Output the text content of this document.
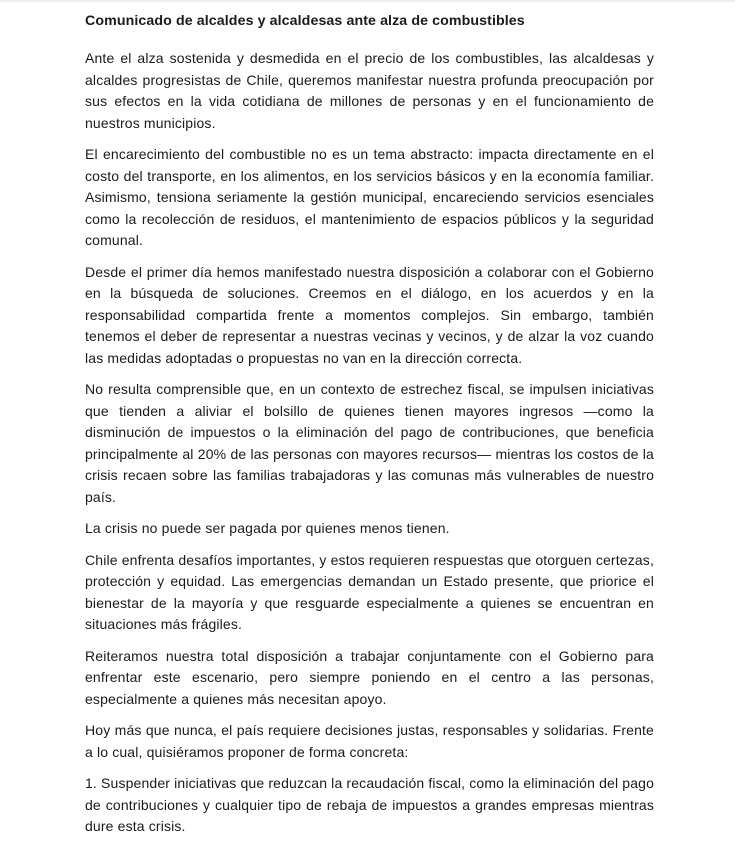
Comunicado de alcaldes y alcaldesas ante alza de combustibles

Ante el alza sostenida y desmedida en el precio de los combustibles, las alcaldesas y alcaldes progresistas de Chile, queremos manifestar nuestra profunda preocupación por sus efectos en la vida cotidiana de millones de personas y en el funcionamiento de nuestros municipios.

El encarecimiento del combustible no es un tema abstracto: impacta directamente en el costo del transporte, en los alimentos, en los servicios básicos y en la economía familiar. Asimismo, tensiona seriamente la gestión municipal, encareciendo servicios esenciales como la recolección de residuos, el mantenimiento de espacios públicos y la seguridad comunal.

Desde el primer día hemos manifestado nuestra disposición a colaborar con el Gobierno en la búsqueda de soluciones. Creemos en el diálogo, en los acuerdos y en la responsabilidad compartida frente a momentos complejos. Sin embargo, también tenemos el deber de representar a nuestras vecinas y vecinos, y de alzar la voz cuando las medidas adoptadas o propuestas no van en la dirección correcta.

No resulta comprensible que, en un contexto de estrechez fiscal, se impulsen iniciativas que tienden a aliviar el bolsillo de quienes tienen mayores ingresos —como la disminución de impuestos o la eliminación del pago de contribuciones, que beneficia principalmente al 20% de las personas con mayores recursos— mientras los costos de la crisis recaen sobre las familias trabajadoras y las comunas más vulnerables de nuestro país.

La crisis no puede ser pagada por quienes menos tienen.

Chile enfrenta desafíos importantes, y estos requieren respuestas que otorguen certezas, protección y equidad. Las emergencias demandan un Estado presente, que priorice el bienestar de la mayoría y que resguarde especialmente a quienes se encuentran en situaciones más frágiles.

Reiteramos nuestra total disposición a trabajar conjuntamente con el Gobierno para enfrentar este escenario, pero siempre poniendo en el centro a las personas, especialmente a quienes más necesitan apoyo.

Hoy más que nunca, el país requiere decisiones justas, responsables y solidarias. Frente a lo cual, quisiéramos proponer de forma concreta:

1. Suspender iniciativas que reduzcan la recaudación fiscal, como la eliminación del pago de contribuciones y cualquier tipo de rebaja de impuestos a grandes empresas mientras dure esta crisis.
